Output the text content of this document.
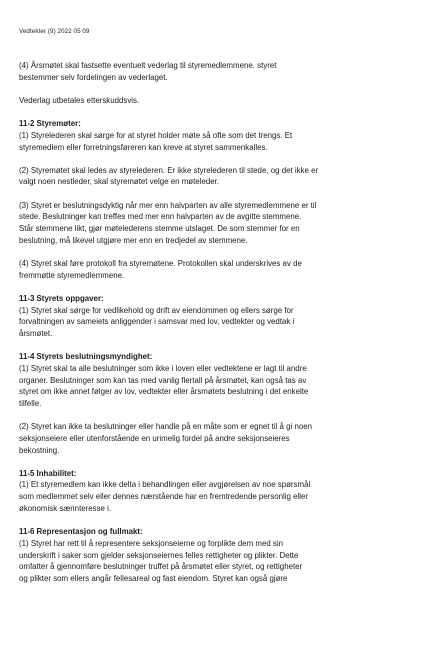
Vedtekter (9) 2022 05 09

(4) Årsmøtet skal fastsette eventuelt vederlag til styremedlemmene. styret
bestemmer selv fordelingen av vederlaget.

Vederlag utbetales etterskuddsvis.

11-2 Styremøter:

(1) Styrelederen skal sørge for at styret holder møte så ofte som det trengs. Et
styremedlem eller forretningsføreren kan kreve at styret sammenkalles.

(2) Styremøtet skal ledes av styrelederen. Er ikke styrelederen til stede, og det ikke er
valgt noen nestleder, skal styremøtet velge en møteleder.

(3) Styret er beslutningsdyktig når mer enn halvparten av alle styremedlemmene er til
stede. Beslutninger kan treffes med mer enn halvparten av de avgitte stemmene.
Står stemmene likt, gjør møtelederens stemme utslaget. De som stemmer for en
beslutning, må likevel utgjøre mer enn en tredjedel av stemmene.

(4) Styret skal føre protokoll fra styremøtene. Protokollen skal underskrives av de
fremmøtte styremedlemmene.

11-3 Styrets oppgaver:

(1) Styret skal sørge for vedlikehold og drift av eiendommen og ellers sørge for
forvaltningen av sameiets anliggender i samsvar med lov, vedtekter og vedtak i
årsmøtet.

11-4 Styrets beslutningsmyndighet:

(1) Styret skal ta alle beslutninger som ikke i loven eller vedtektene er lagt til andre
organer. Beslutninger som kan tas med vanlig flertall på årsmøtet, kan også tas av
styret om ikke annet følger av lov, vedtekter eller årsmøtets beslutning i det enkelte
tilfelle.

(2) Styret kan ikke ta beslutninger eller handle på en måte som er egnet til å gi noen
seksjonseiere eller utenforstående en urimelig fordel på andre seksjonseieres
bekostning.

11-5 Inhabilitet:

(1) Et styremedlem kan ikke delta i behandlingen eller avgjørelsen av noe spørsmål
som medlemmet selv eller dennes nærstående har en fremtredende personlig eller
økonomisk særinteresse i.

11-6 Representasjon og fullmakt:

(1) Styret har rett til å representere seksjonseierne og forplikte dem med sin
underskrift i saker som gjelder seksjonseiernes felles rettigheter og plikter. Dette
omfatter å gjennomføre beslutninger truffet på årsmøtet eller styret, og rettigheter
og plikter som ellers angår fellesareal og fast eiendom. Styret kan også gjøre
